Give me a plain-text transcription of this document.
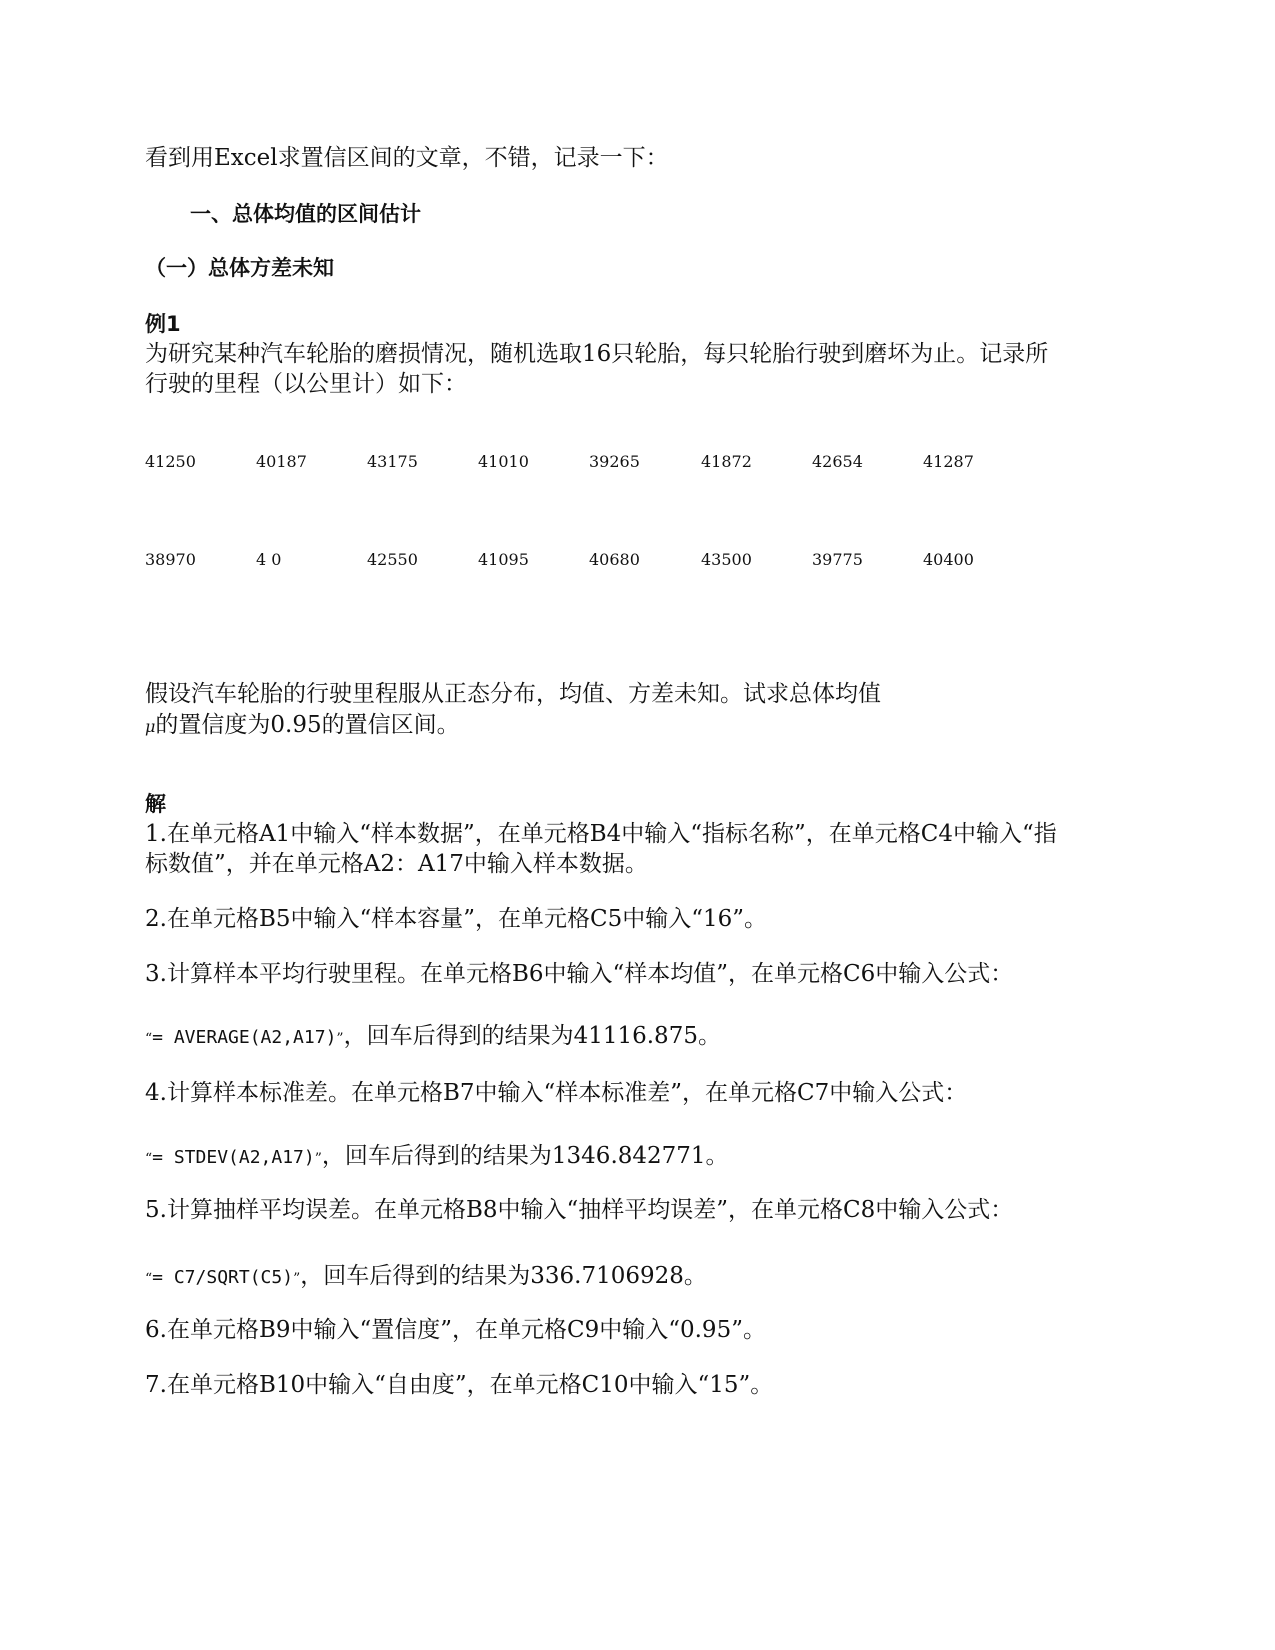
看到用Excel求置信区间的文章，不错，记录一下：
一、总体均值的区间估计
（一）总体方差未知
例1
为研究某种汽车轮胎的磨损情况，随机选取16只轮胎，每只轮胎行驶到磨坏为止。记录所
行驶的里程（以公里计）如下：
41250	40187	43175	41010	39265	41872	42654	41287
38970	4 0	42550	41095	40680	43500	39775	40400
假设汽车轮胎的行驶里程服从正态分布，均值、方差未知。试求总体均值
μ的置信度为0.95的置信区间。
解
1.在单元格A1中输入“样本数据”，在单元格B4中输入“指标名称”，在单元格C4中输入“指
标数值”，并在单元格A2：A17中输入样本数据。
2.在单元格B5中输入“样本容量”，在单元格C5中输入“16”。
3.计算样本平均行驶里程。在单元格B6中输入“样本均值”，在单元格C6中输入公式：
“= AVERAGE(A2,A17)”，回车后得到的结果为41116.875。
4.计算样本标准差。在单元格B7中输入“样本标准差”，在单元格C7中输入公式：
“= STDEV(A2,A17)”，回车后得到的结果为1346.842771。
5.计算抽样平均误差。在单元格B8中输入“抽样平均误差”，在单元格C8中输入公式：
“= C7/SQRT(C5)”，回车后得到的结果为336.7106928。
6.在单元格B9中输入“置信度”，在单元格C9中输入“0.95”。
7.在单元格B10中输入“自由度”，在单元格C10中输入“15”。
